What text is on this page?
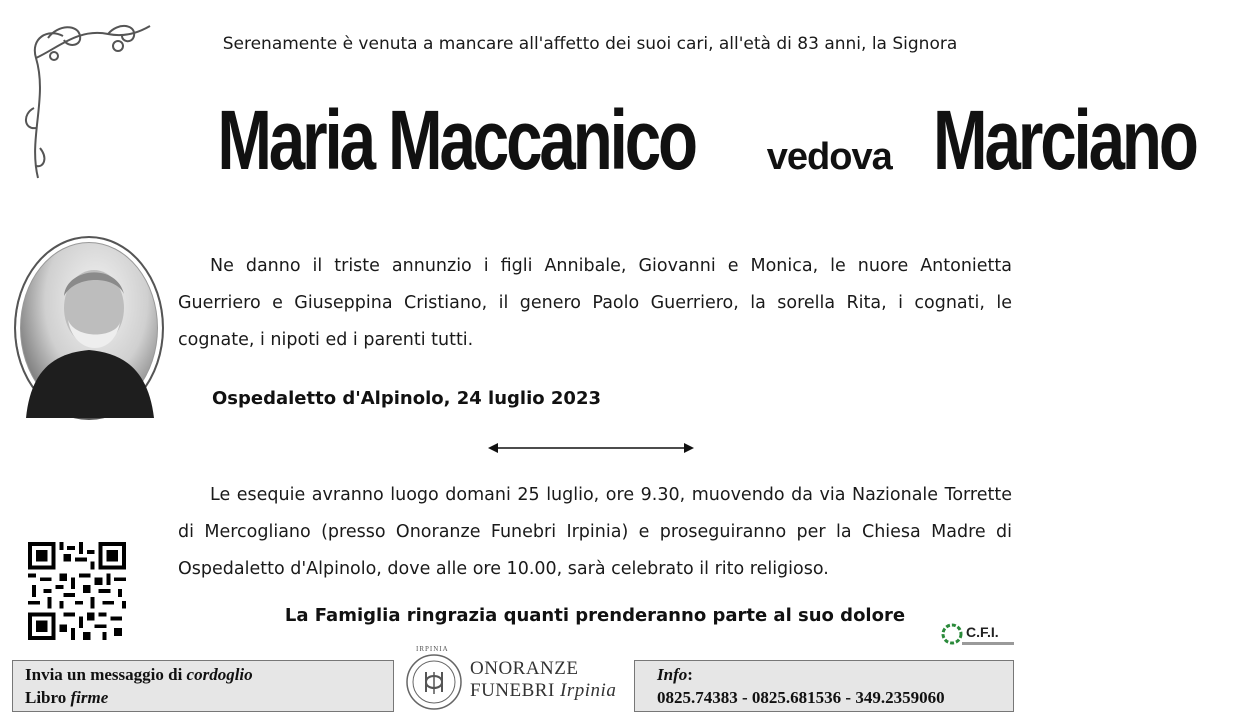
Serenamente è venuta a mancare all'affetto dei suoi cari, all'età di 83 anni, la Signora
Maria Maccanico vedova Marciano
Ne danno il triste annunzio i figli Annibale, Giovanni e Monica, le nuore Antonietta Guerriero e Giuseppina Cristiano, il genero Paolo Guerriero, la sorella Rita, i cognati, le cognate, i nipoti ed i parenti tutti.
Ospedaletto d'Alpinolo, 24 luglio 2023
Le esequie avranno luogo domani 25 luglio, ore 9.30, muovendo da via Nazionale Torrette di Mercogliano (presso Onoranze Funebri Irpinia) e proseguiranno per la Chiesa Madre di Ospedaletto d'Alpinolo, dove alle ore 10.00, sarà celebrato il rito religioso.
La Famiglia ringrazia quanti prenderanno parte al suo dolore
C.F.I.
Invia un messaggio di cordoglio
Libro firme
IRPINIA
ONORANZE
FUNEBRI Irpinia
Info:
0825.74383 - 0825.681536 - 349.2359060
